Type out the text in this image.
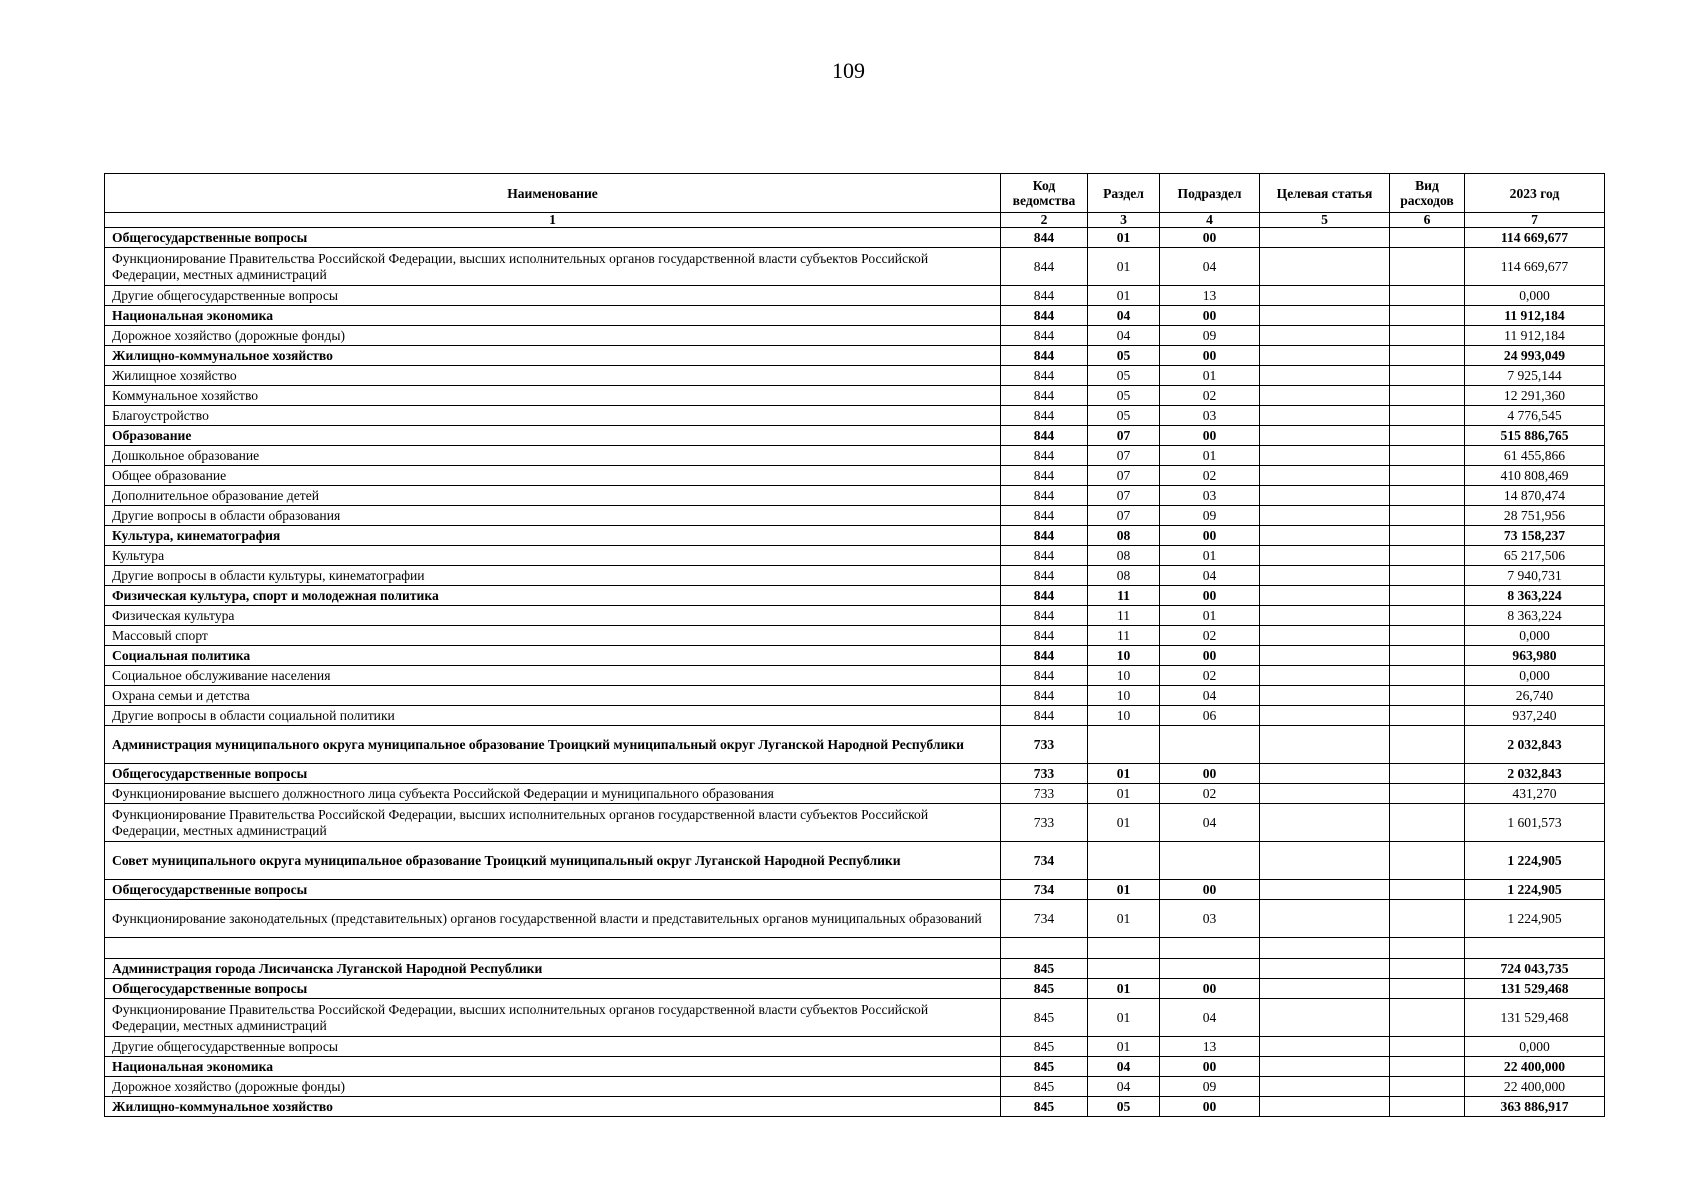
109
Наименование	Код ведомства	Раздел	Подраздел	Целевая статья	Вид расходов	2023 год
1	2	3	4	5	6	7
Общегосударственные вопросы	844	01	00			114 669,677
Функционирование Правительства Российской Федерации, высших исполнительных органов государственной власти субъектов Российской Федерации, местных администраций	844	01	04			114 669,677
Другие общегосударственные вопросы	844	01	13			0,000
Национальная экономика	844	04	00			11 912,184
Дорожное хозяйство (дорожные фонды)	844	04	09			11 912,184
Жилищно-коммунальное хозяйство	844	05	00			24 993,049
Жилищное хозяйство	844	05	01			7 925,144
Коммунальное хозяйство	844	05	02			12 291,360
Благоустройство	844	05	03			4 776,545
Образование	844	07	00			515 886,765
Дошкольное образование	844	07	01			61 455,866
Общее образование	844	07	02			410 808,469
Дополнительное образование детей	844	07	03			14 870,474
Другие вопросы в области образования	844	07	09			28 751,956
Культура, кинематография	844	08	00			73 158,237
Культура	844	08	01			65 217,506
Другие вопросы в области культуры, кинематографии	844	08	04			7 940,731
Физическая культура, спорт и молодежная политика	844	11	00			8 363,224
Физическая культура	844	11	01			8 363,224
Массовый спорт	844	11	02			0,000
Социальная политика	844	10	00			963,980
Социальное обслуживание населения	844	10	02			0,000
Охрана семьи и детства	844	10	04			26,740
Другие вопросы в области социальной политики	844	10	06			937,240
Администрация муниципального округа муниципальное образование Троицкий муниципальный округ Луганской Народной Республики	733					2 032,843
Общегосударственные вопросы	733	01	00			2 032,843
Функционирование высшего должностного лица субъекта Российской Федерации и муниципального образования	733	01	02			431,270
Функционирование Правительства Российской Федерации, высших исполнительных органов государственной власти субъектов Российской Федерации, местных администраций	733	01	04			1 601,573
Совет муниципального округа муниципальное образование Троицкий муниципальный округ Луганской Народной Республики	734					1 224,905
Общегосударственные вопросы	734	01	00			1 224,905
Функционирование законодательных (представительных) органов государственной власти и представительных органов муниципальных образований	734	01	03			1 224,905

Администрация города Лисичанска Луганской Народной Республики	845					724 043,735
Общегосударственные вопросы	845	01	00			131 529,468
Функционирование Правительства Российской Федерации, высших исполнительных органов государственной власти субъектов Российской Федерации, местных администраций	845	01	04			131 529,468
Другие общегосударственные вопросы	845	01	13			0,000
Национальная экономика	845	04	00			22 400,000
Дорожное хозяйство (дорожные фонды)	845	04	09			22 400,000
Жилищно-коммунальное хозяйство	845	05	00			363 886,917
